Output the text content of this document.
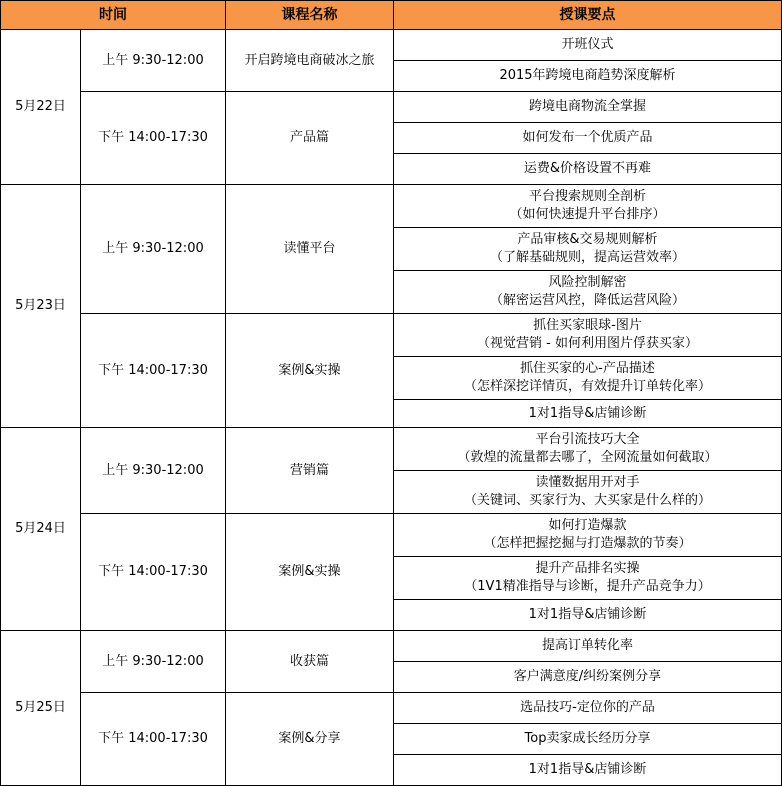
时间		课程名称	授课要点
5月22日	上午 9:30-12:00	开启跨境电商破冰之旅	开班仪式

			2015年跨境电商趋势深度解析

	下午 14:00-17:30	产品篇	跨境电商物流全掌握

			如何发布一个优质产品

			运费&价格设置不再难

5月23日	上午 9:30-12:00	读懂平台	平台搜索规则全剖析
（如何快速提升平台排序）

			产品审核&交易规则解析
（了解基础规则，提高运营效率）

			风险控制解密
（解密运营风控，降低运营风险）

	下午 14:00-17:30	案例&实操	抓住买家眼球-图片
（视觉营销 - 如何利用图片俘获买家）

			抓住买家的心-产品描述
（怎样深挖详情页，有效提升订单转化率）

			1对1指导&店铺诊断

5月24日	上午 9:30-12:00	营销篇	平台引流技巧大全
（敦煌的流量都去哪了，全网流量如何截取）

			读懂数据用开对手
（关键词、买家行为、大买家是什么样的）

	下午 14:00-17:30	案例&实操	如何打造爆款
（怎样把握挖掘与打造爆款的节奏）

			提升产品排名实操
（1V1精准指导与诊断，提升产品竞争力）

			1对1指导&店铺诊断

5月25日	上午 9:30-12:00	收获篇	提高订单转化率

			客户满意度/纠纷案例分享

	下午 14:00-17:30	案例&分享	选品技巧-定位你的产品

			Top卖家成长经历分享

			1对1指导&店铺诊断
